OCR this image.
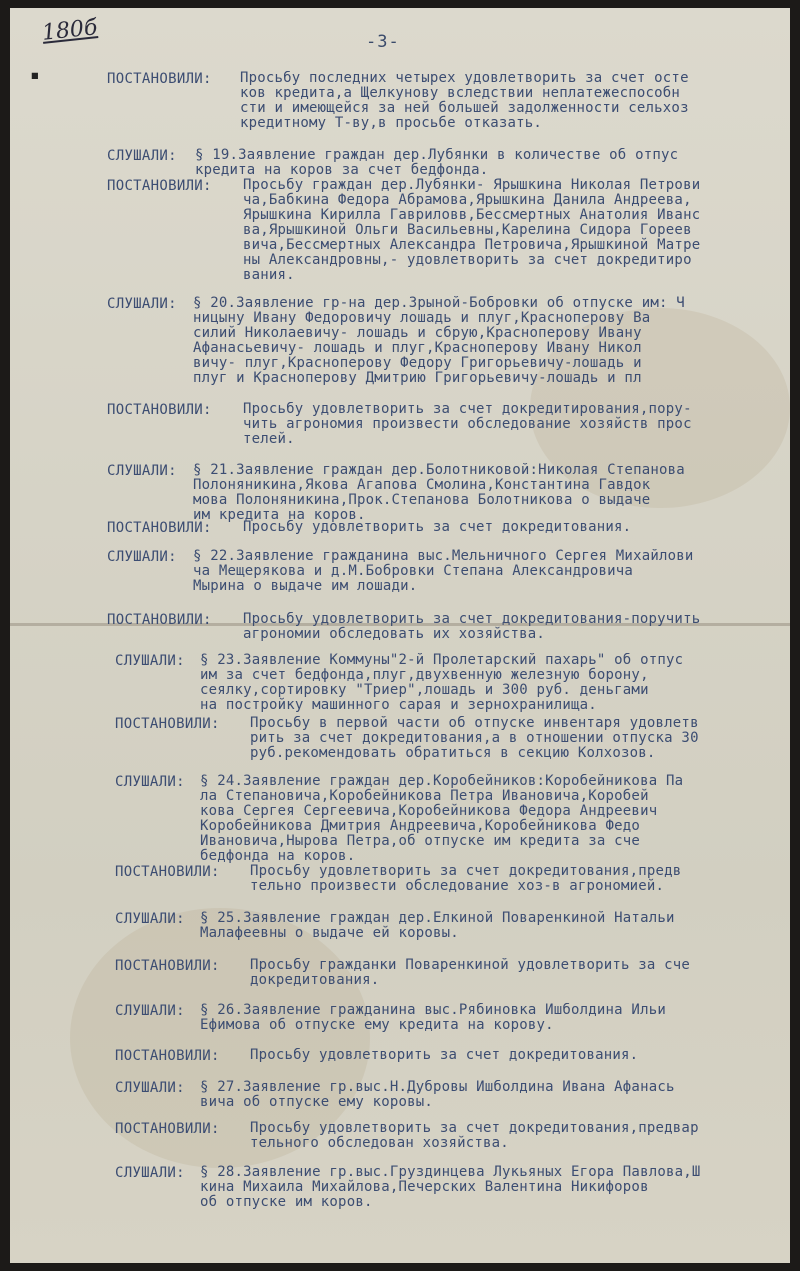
180б	-3-
▪	ПОСТАНОВИЛИ: Просьбу последних четырех удовлетворить за счет осте
ков кредита,а Щелкунову вследствии неплатежеспособн
сти и имеющейся за ней большей задолженности сельхоз
кредитному Т-ву,в просьбе отказать.
СЛУШАЛИ: § 19.Заявление граждан дер.Лубянки в количестве об отпус
кредита на коров за счет бедфонда.
ПОСТАНОВИЛИ: Просьбу граждан дер.Лубянки- Ярышкина Николая Петрови
ча,Бабкина Федора Абрамова,Ярышкина Данила Андреева,
Ярышкина Кирилла Гавриловв,Бессмертных Анатолия Иванс
ва,Ярышкиной Ольги Васильевны,Карелина Сидора Гореев
вича,Бессмертных Александра Петровича,Ярышкиной Матре
ны Александровны,- удовлетворить за счет докредитиро
вания.
СЛУШАЛИ: § 20.Заявление гр-на дер.Зрыной-Бобровки об отпуске им: Ч
ницыну Ивану Федоровичу лошадь и плуг,Красноперову Ва
силий Николаевичу- лошадь и сбрую,Красноперову Ивану
Афанасьевичу- лошадь и плуг,Красноперову Ивану Никол
вичу- плуг,Красноперову Федору Григорьевичу-лошадь и
плуг и Красноперову Дмитрию Григорьевичу-лошадь и пл
ПОСТАНОВИЛИ: Просьбу удовлетворить за счет докредитирования,пору-
чить агрономия произвести обследование хозяйств прос
телей.
СЛУШАЛИ: § 21.Заявление граждан дер.Болотниковой:Николая Степанова
Полоняникина,Якова Агапова Смолина,Константина Гавдок
мова Полоняникина,Прок.Степанова Болотникова о выдаче
им кредита на коров.
ПОСТАНОВИЛИ: Просьбу удовлетворить за счет докредитования.
СЛУШАЛИ: § 22.Заявление гражданина выс.Мельничного Сергея Михайлови
ча Мещерякова и д.М.Бобровки Степана Александровича
Мырина о выдаче им лошади.
ПОСТАНОВИЛИ: Просьбу удовлетворить за счет докредитования-поручить
агрономии обследовать их хозяйства.
СЛУШАЛИ: § 23.Заявление Коммуны"2-й Пролетарский пахарь" об отпус
им за счет бедфонда,плуг,двухвенную железную борону,
сеялку,сортировку "Триер",лошадь и 300 руб. деньгами
на постройку машинного сарая и зернохранилища.
ПОСТАНОВИЛИ: Просьбу в первой части об отпуске инвентаря удовлетв
рить за счет докредитования,а в отношении отпуска 30
руб.рекомендовать обратиться в секцию Колхозов.
СЛУШАЛИ: § 24.Заявление граждан дер.Коробейников:Коробейникова Па
ла Степановича,Коробейникова Петра Ивановича,Коробей
кова Сергея Сергеевича,Коробейникова Федора Андреевич
Коробейникова Дмитрия Андреевича,Коробейникова Федо
Ивановича,Нырова Петра,об отпуске им кредита за сче
бедфонда на коров.
ПОСТАНОВИЛИ: Просьбу удовлетворить за счет докредитования,предв
тельно произвести обследование хоз-в агрономией.
СЛУШАЛИ: § 25.Заявление граждан дер.Елкиной Поваренкиной Натальи
Малафеевны о выдаче ей коровы.
ПОСТАНОВИЛИ: Просьбу гражданки Поваренкиной удовлетворить за сче
докредитования.
СЛУШАЛИ: § 26.Заявление гражданина выс.Рябиновка Ишболдина Ильи
Ефимова об отпуске ему кредита на корову.
ПОСТАНОВИЛИ: Просьбу удовлетворить за счет докредитования.
СЛУШАЛИ: § 27.Заявление гр.выс.Н.Дубровы Ишболдина Ивана Афанась
вича об отпуске ему коровы.
ПОСТАНОВИЛИ: Просьбу удовлетворить за счет докредитования,предвар
тельного обследован хозяйства.
СЛУШАЛИ: § 28.Заявление гр.выс.Груздинцева Лукьяных Егора Павлова,Ш
кина Михаила Михайлова,Печерских Валентина Никифоров
об отпуске им коров.
